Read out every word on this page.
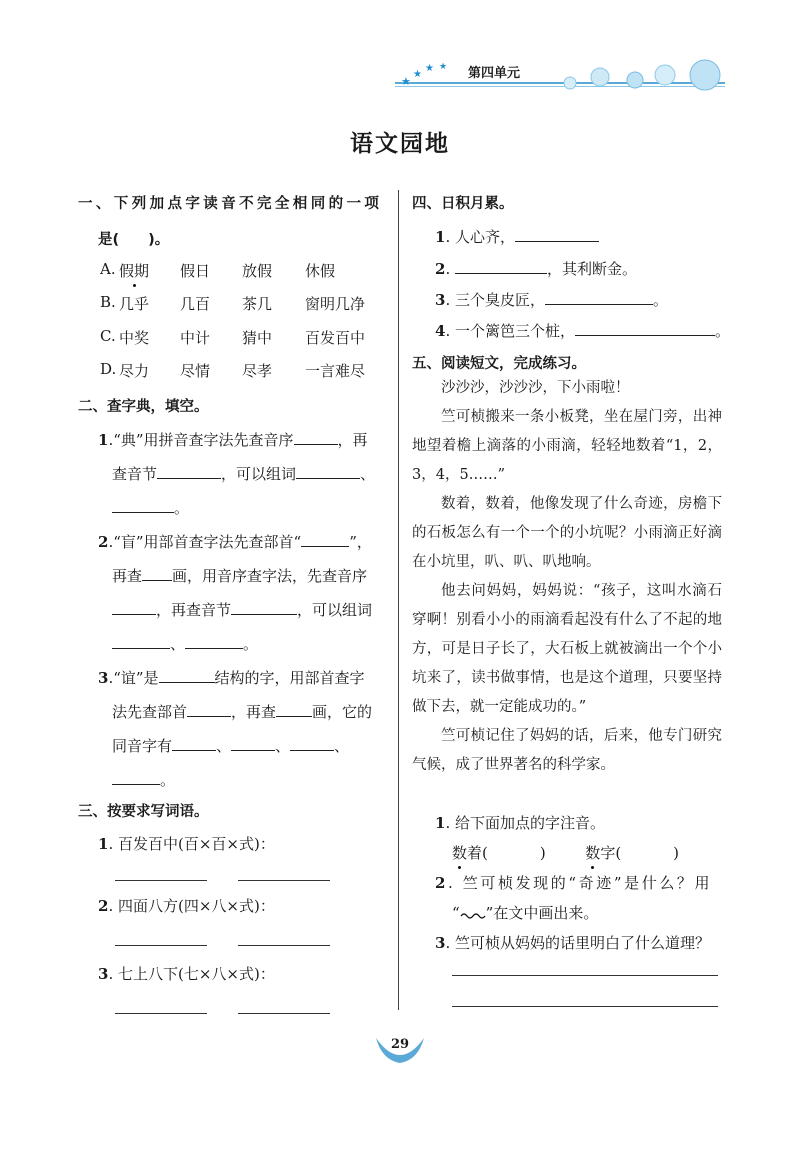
★
★
★ ★ 第四单元
语文园地
一、下列加点字读音不完全相同的一项
是(　　)。
A. 假期 假日 放假 休假
B. 几乎 几百 茶几 窗明几净
C. 中奖 中计 猜中 百发百中
D. 尽力 尽情 尽孝 一言难尽
二、查字典，填空。
1.“典”用拼音查字法先查音序	，再
查音节	，可以组词	、
。
2.“盲”用部首查字法先查部首“	”，
再查 画，用音序查字法，先查音序
，再查音节	，可以组词
、	。
3.“谊”是	结构的字，用部首查字
法先查部首	，再查 画，它的
同音字有	、	、	、
。
三、按要求写词语。
1. 百发百中(百×百×式)：
2. 四面八方(四×八×式)：
3. 七上八下(七×八×式)：
四、日积月累。
1. 人心齐，
2.	，其利断金。
3. 三个臭皮匠，	。
4. 一个篱笆三个桩，	。
五、阅读短文，完成练习。

沙沙沙，沙沙沙，下小雨啦！

竺可桢搬来一条小板凳，坐在屋门旁，出神地望着檐上滴落的小雨滴，轻轻地数着“1，2，3，4，5……”

数着，数着，他像发现了什么奇迹，房檐下的石板怎么有一个一个的小坑呢？小雨滴正好滴在小坑里，叭、叭、叭地响。

他去问妈妈，妈妈说：“孩子，这叫水滴石穿啊！别看小小的雨滴看起没有什么了不起的地方，可是日子长了，大石板上就被滴出一个个小坑来了，读书做事情，也是这个道理，只要坚持做下去，就一定能成功的。”

竺可桢记住了妈妈的话，后来，他专门研究气候，成了世界著名的科学家。

1. 给下面加点的字注音。
数着(	)	数字(	)
2. 竺可桢发现的“奇迹”是什么？用
“ ”在文中画出来。
3. 竺可桢从妈妈的话里明白了什么道理？
29
